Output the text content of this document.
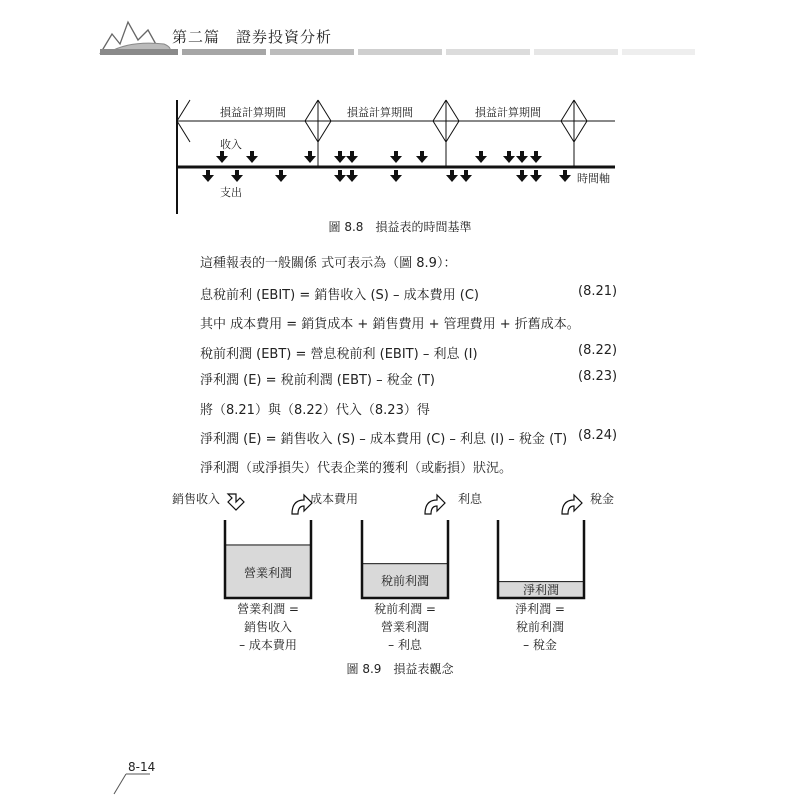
第二篇　證券投資分析
損益計算期間	損益計算期間	損益計算期間
收入
支出
時間軸
圖 8.8　損益表的時間基準
這種報表的一般關係 式可表示為（圖 8.9）：
息稅前利 (EBIT) = 銷售收入 (S) – 成本費用 (C)	(8.21)
其中 成本費用 = 銷貨成本 + 銷售費用 + 管理費用 + 折舊成本。
稅前利潤 (EBT) = 營息稅前利 (EBIT) – 利息 (I)	(8.22)
淨利潤 (E) = 稅前利潤 (EBT) – 稅金 (T)	(8.23)
將（8.21）與（8.22）代入（8.23）得
淨利潤 (E) = 銷售收入 (S) – 成本費用 (C) – 利息 (I) – 稅金 (T) (8.24)
淨利潤（或淨損失）代表企業的獲利（或虧損）狀況。
銷售收入	成本費用	利息	稅金
營業利潤
稅前利潤
淨利潤
營業利潤 =
銷售收入
– 成本費用
稅前利潤 =
營業利潤
– 利息
淨利潤 =
稅前利潤
– 稅金
圖 8.9　損益表觀念
8-14
